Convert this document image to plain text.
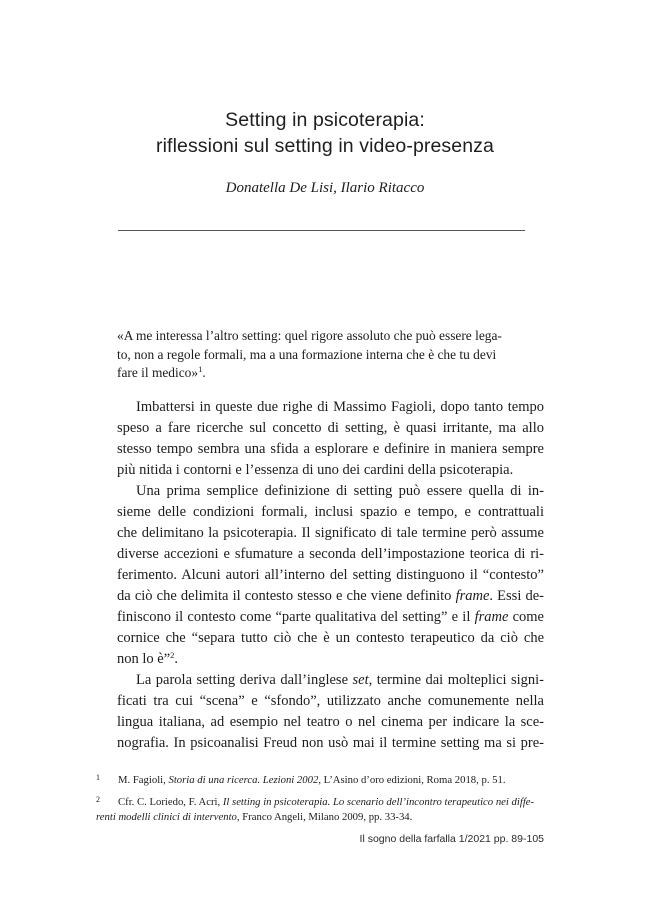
Setting in psicoterapia:
riflessioni sul setting in video-presenza
Donatella De Lisi, Ilario Ritacco
«A me interessa l’altro setting: quel rigore assoluto che può essere lega-
to, non a regole formali, ma a una formazione interna che è che tu devi
fare il medico»$^1$.
Imbattersi in queste due righe di Massimo Fagioli, dopo tanto tempo
speso a fare ricerche sul concetto di setting, è quasi irritante, ma allo
stesso tempo sembra una sfida a esplorare e definire in maniera sempre
più nitida i contorni e l’essenza di uno dei cardini della psicoterapia.
Una prima semplice definizione di setting può essere quella di in-
sieme delle condizioni formali, inclusi spazio e tempo, e contrattuali
che delimitano la psicoterapia. Il significato di tale termine però assume
diverse accezioni e sfumature a seconda dell’impostazione teorica di ri-
ferimento. Alcuni autori all’interno del setting distinguono il “contesto”
da ciò che delimita il contesto stesso e che viene definito frame. Essi de-
finiscono il contesto come “parte qualitativa del setting” e il frame come
cornice che “separa tutto ciò che è un contesto terapeutico da ciò che
non lo è”$^2$.
La parola setting deriva dall’inglese set, termine dai molteplici signi-
ficati tra cui “scena” e “sfondo”, utilizzato anche comunemente nella
lingua italiana, ad esempio nel teatro o nel cinema per indicare la sce-
nografia. In psicoanalisi Freud non usò mai il termine setting ma si pre-
1 M. Fagioli, Storia di una ricerca. Lezioni 2002, L’Asino d’oro edizioni, Roma 2018, p. 51.
2 Cfr. C. Loriedo, F. Acri, Il setting in psicoterapia. Lo scenario dell’incontro terapeutico nei diffe-
renti modelli clinici di intervento, Franco Angeli, Milano 2009, pp. 33-34.
Il sogno della farfalla 1/2021 pp. 89-105
